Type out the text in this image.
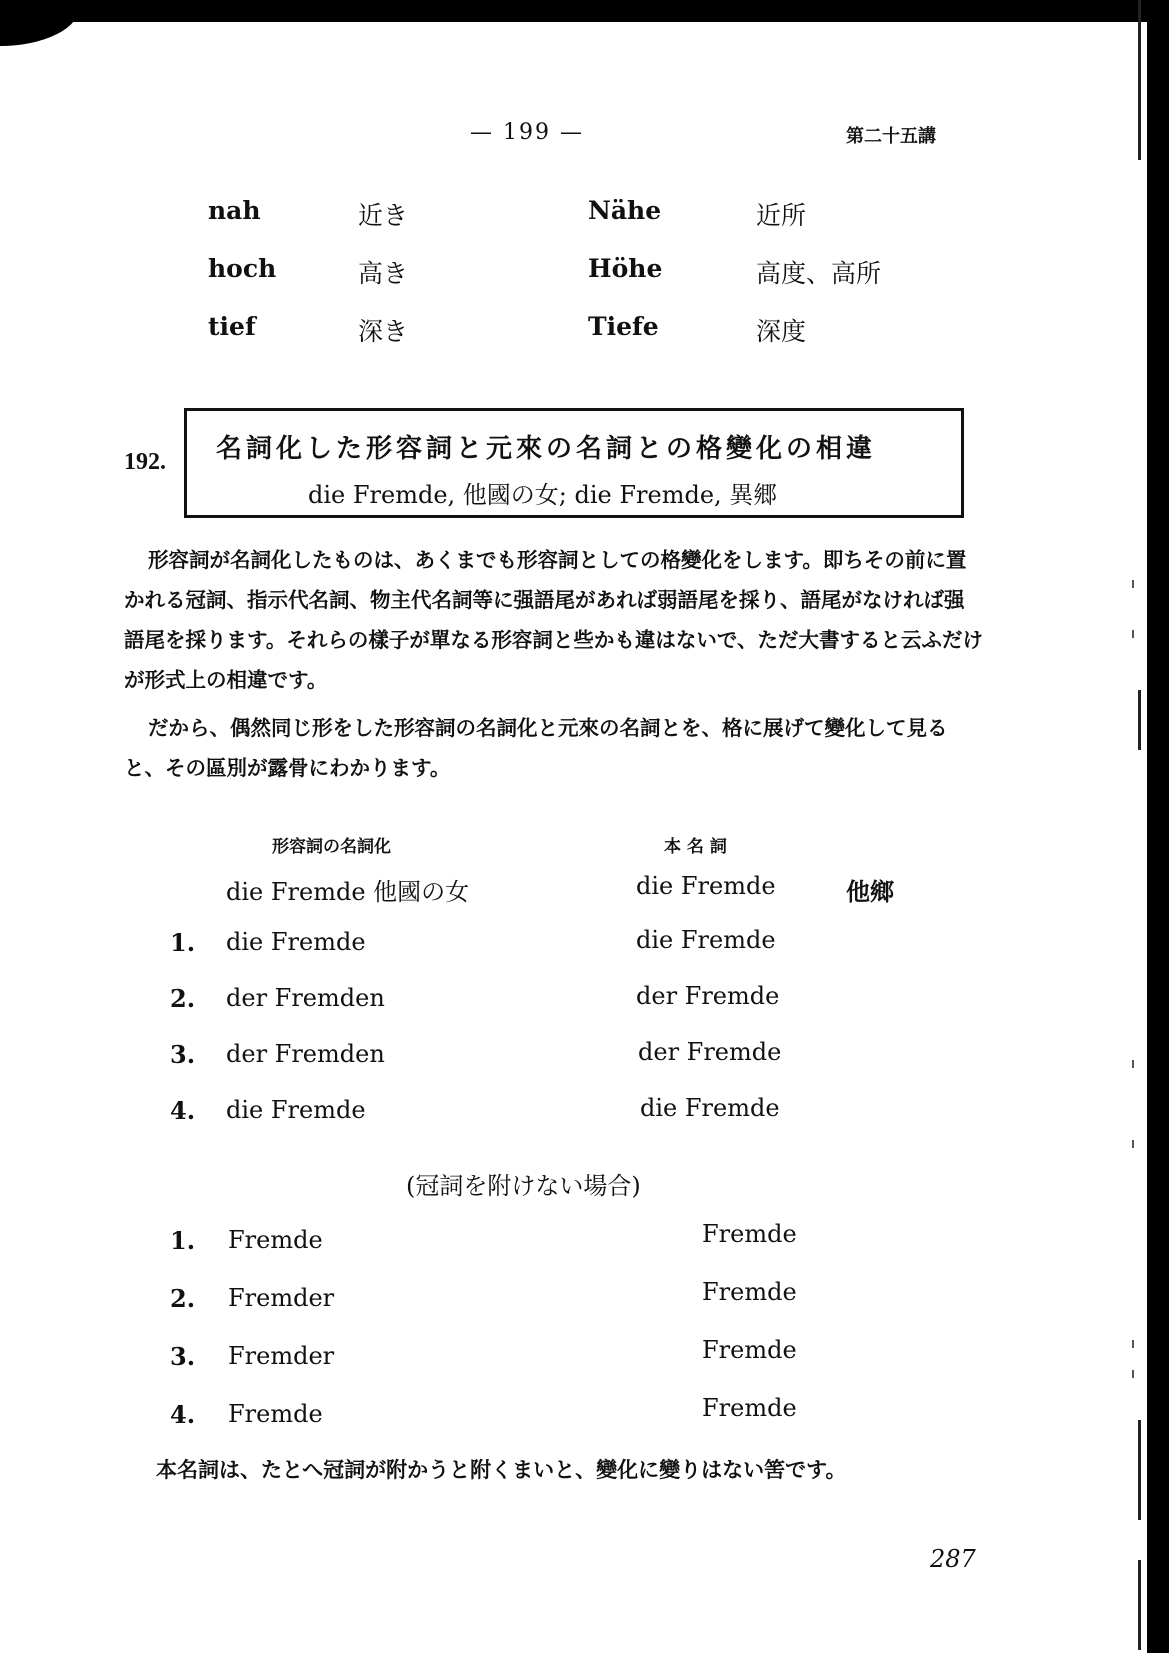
— 199 —	第二十五講
nah	近き	Nähe	近所
hoch	高き	Höhe	高度、高所
tief	深き	Tiefe	深度
192. 名詞化した形容詞と元來の名詞との格變化の相違
die Fremde, 他國の女; die Fremde, 異郷
形容詞が名詞化したものは、あくまでも形容詞としての格變化をします。即ちその前に置かれる冠詞、指示代名詞、物主代名詞等に强語尾があれば弱語尾を採り、語尾がなければ强語尾を採ります。それらの樣子が單なる形容詞と些かも違はないで、ただ大書すると云ふだけが形式上の相違です。
だから、偶然同じ形をした形容詞の名詞化と元來の名詞とを、格に展げて變化して見ると、その區別が露骨にわかります。
形容詞の名詞化	本 名 詞
die Fremde 他國の女	die Fremde	他鄉
1. die Fremde	die Fremde
2. der Fremden	der Fremde
3. der Fremden	der Fremde
4. die Fremde	die Fremde
(冠詞を附けない場合)
1. Fremde	Fremde
2. Fremder	Fremde
3. Fremder	Fremde
4. Fremde	Fremde
本名詞は、たとへ冠詞が附かうと附くまいと、變化に變りはない筈です。
287
